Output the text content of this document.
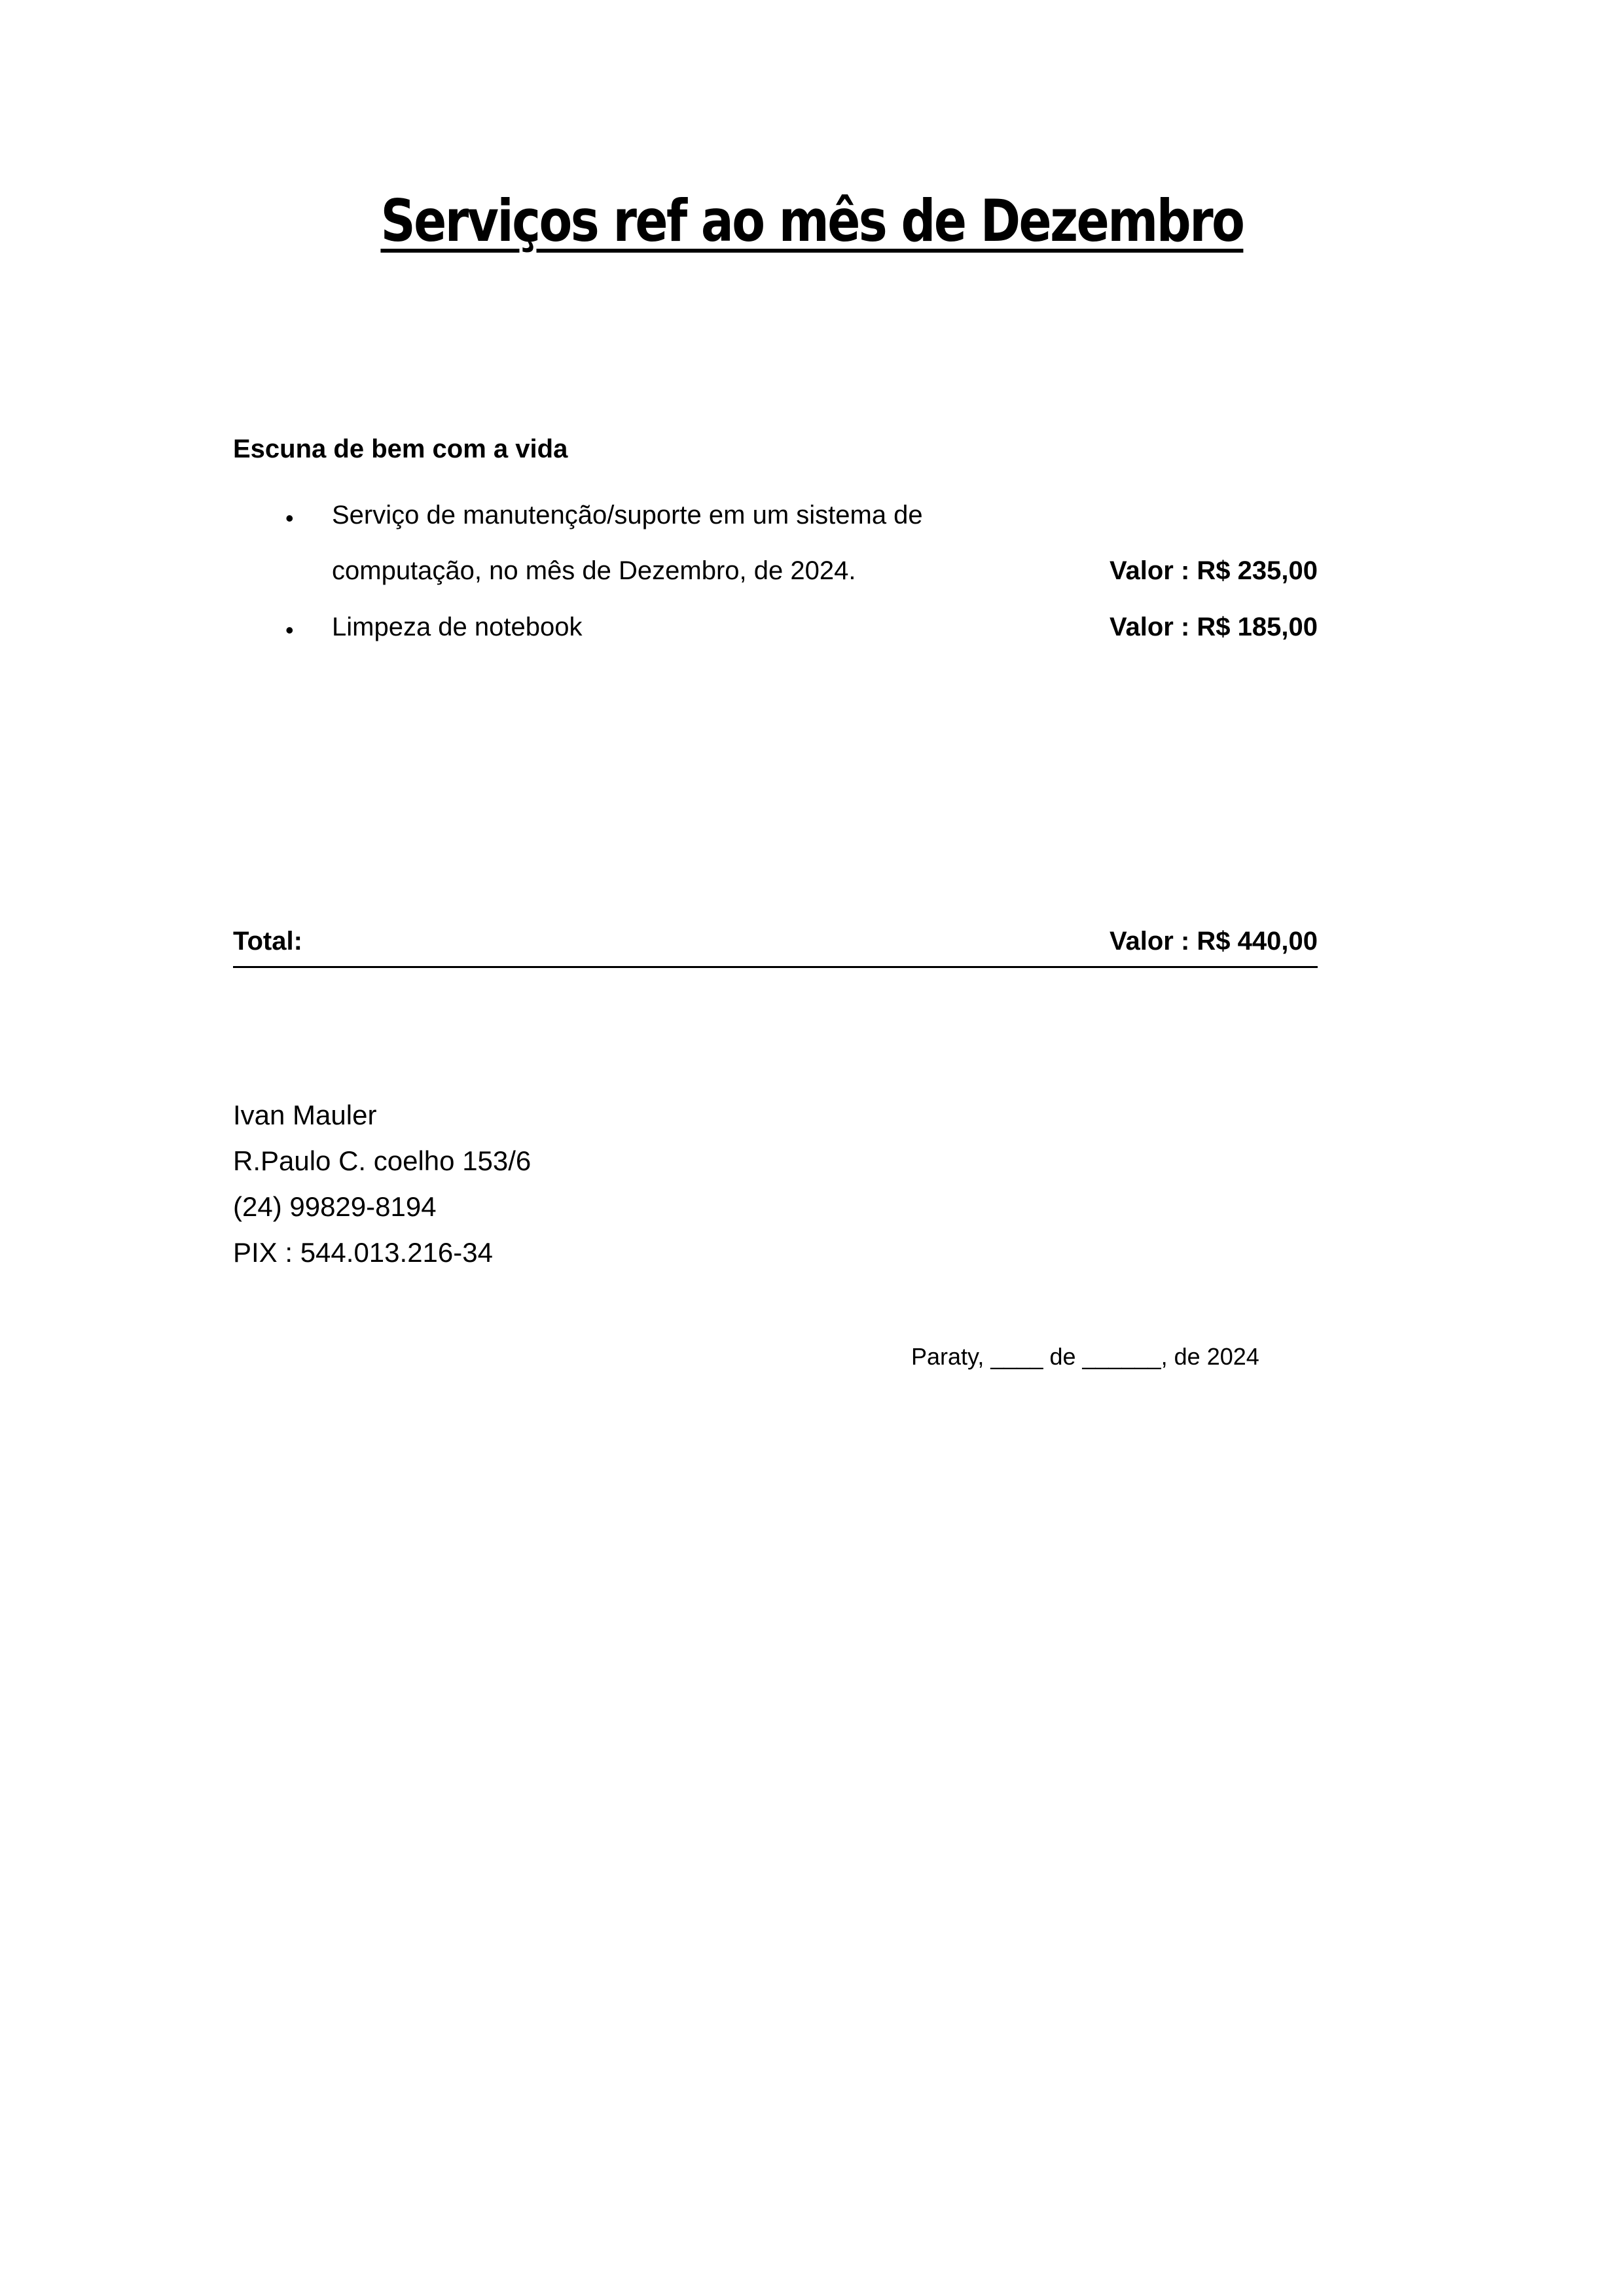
Serviços ref ao mês de Dezembro
Escuna de bem com a vida
• Serviço de manutenção/suporte em um sistema de
computação, no mês de Dezembro, de 2024.	Valor : R$ 235,00
• Limpeza de notebook	Valor : R$ 185,00
Total:	Valor : R$ 440,00
Ivan Mauler
R.Paulo C. coelho 153/6
(24) 99829-8194
PIX : 544.013.216-34
Paraty, ____ de ______, de 2024
